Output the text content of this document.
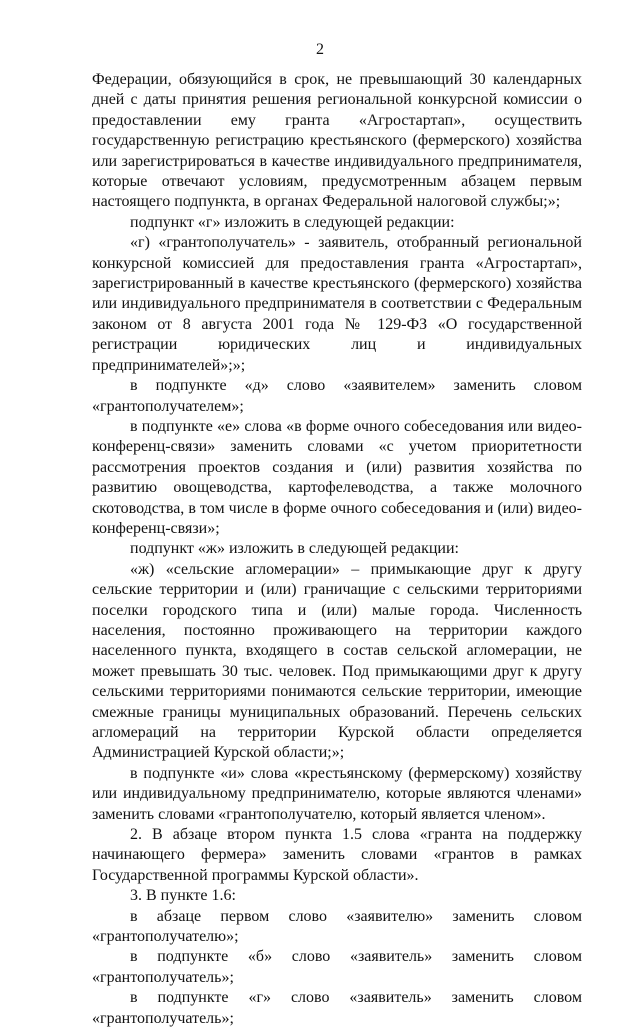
2

Федерации, обязующийся в срок, не превышающий 30 календарных дней с даты принятия решения региональной конкурсной комиссии о предоставлении ему гранта «Агростартап», осуществить государственную регистрацию крестьянского (фермерского) хозяйства или зарегистрироваться в качестве индивидуального предпринимателя, которые отвечают условиям, предусмотренным абзацем первым настоящего подпункта, в органах Федеральной налоговой службы;»;

подпункт «г» изложить в следующей редакции:

«г) «грантополучатель» - заявитель, отобранный региональной конкурсной комиссией для предоставления гранта «Агростартап», зарегистрированный в качестве крестьянского (фермерского) хозяйства или индивидуального предпринимателя в соответствии с Федеральным законом от 8 августа 2001 года № 129-ФЗ «О государственной регистрации юридических лиц и индивидуальных предпринимателей»;»;

в подпункте «д» слово «заявителем» заменить словом «грантополучателем»;

в подпункте «е» слова «в форме очного собеседования или видео-конференц-связи» заменить словами «с учетом приоритетности рассмотрения проектов создания и (или) развития хозяйства по развитию овощеводства, картофелеводства, а также молочного скотоводства, в том числе в форме очного собеседования и (или) видео-конференц-связи»;

подпункт «ж» изложить в следующей редакции:

«ж) «сельские агломерации» – примыкающие друг к другу сельские территории и (или) граничащие с сельскими территориями поселки городского типа и (или) малые города. Численность населения, постоянно проживающего на территории каждого населенного пункта, входящего в состав сельской агломерации, не может превышать 30 тыс. человек. Под примыкающими друг к другу сельскими территориями понимаются сельские территории, имеющие смежные границы муниципальных образований. Перечень сельских агломераций на территории Курской области определяется Администрацией Курской области;»;

в подпункте «и» слова «крестьянскому (фермерскому) хозяйству или индивидуальному предпринимателю, которые являются членами» заменить словами «грантополучателю, который является членом».

2. В абзаце втором пункта 1.5 слова «гранта на поддержку начинающего фермера» заменить словами «грантов в рамках Государственной программы Курской области».

3. В пункте 1.6:

в абзаце первом слово «заявителю» заменить словом «грантополучателю»;

в подпункте «б» слово «заявитель» заменить словом «грантополучатель»;

в подпункте «г» слово «заявитель» заменить словом «грантополучатель»;
